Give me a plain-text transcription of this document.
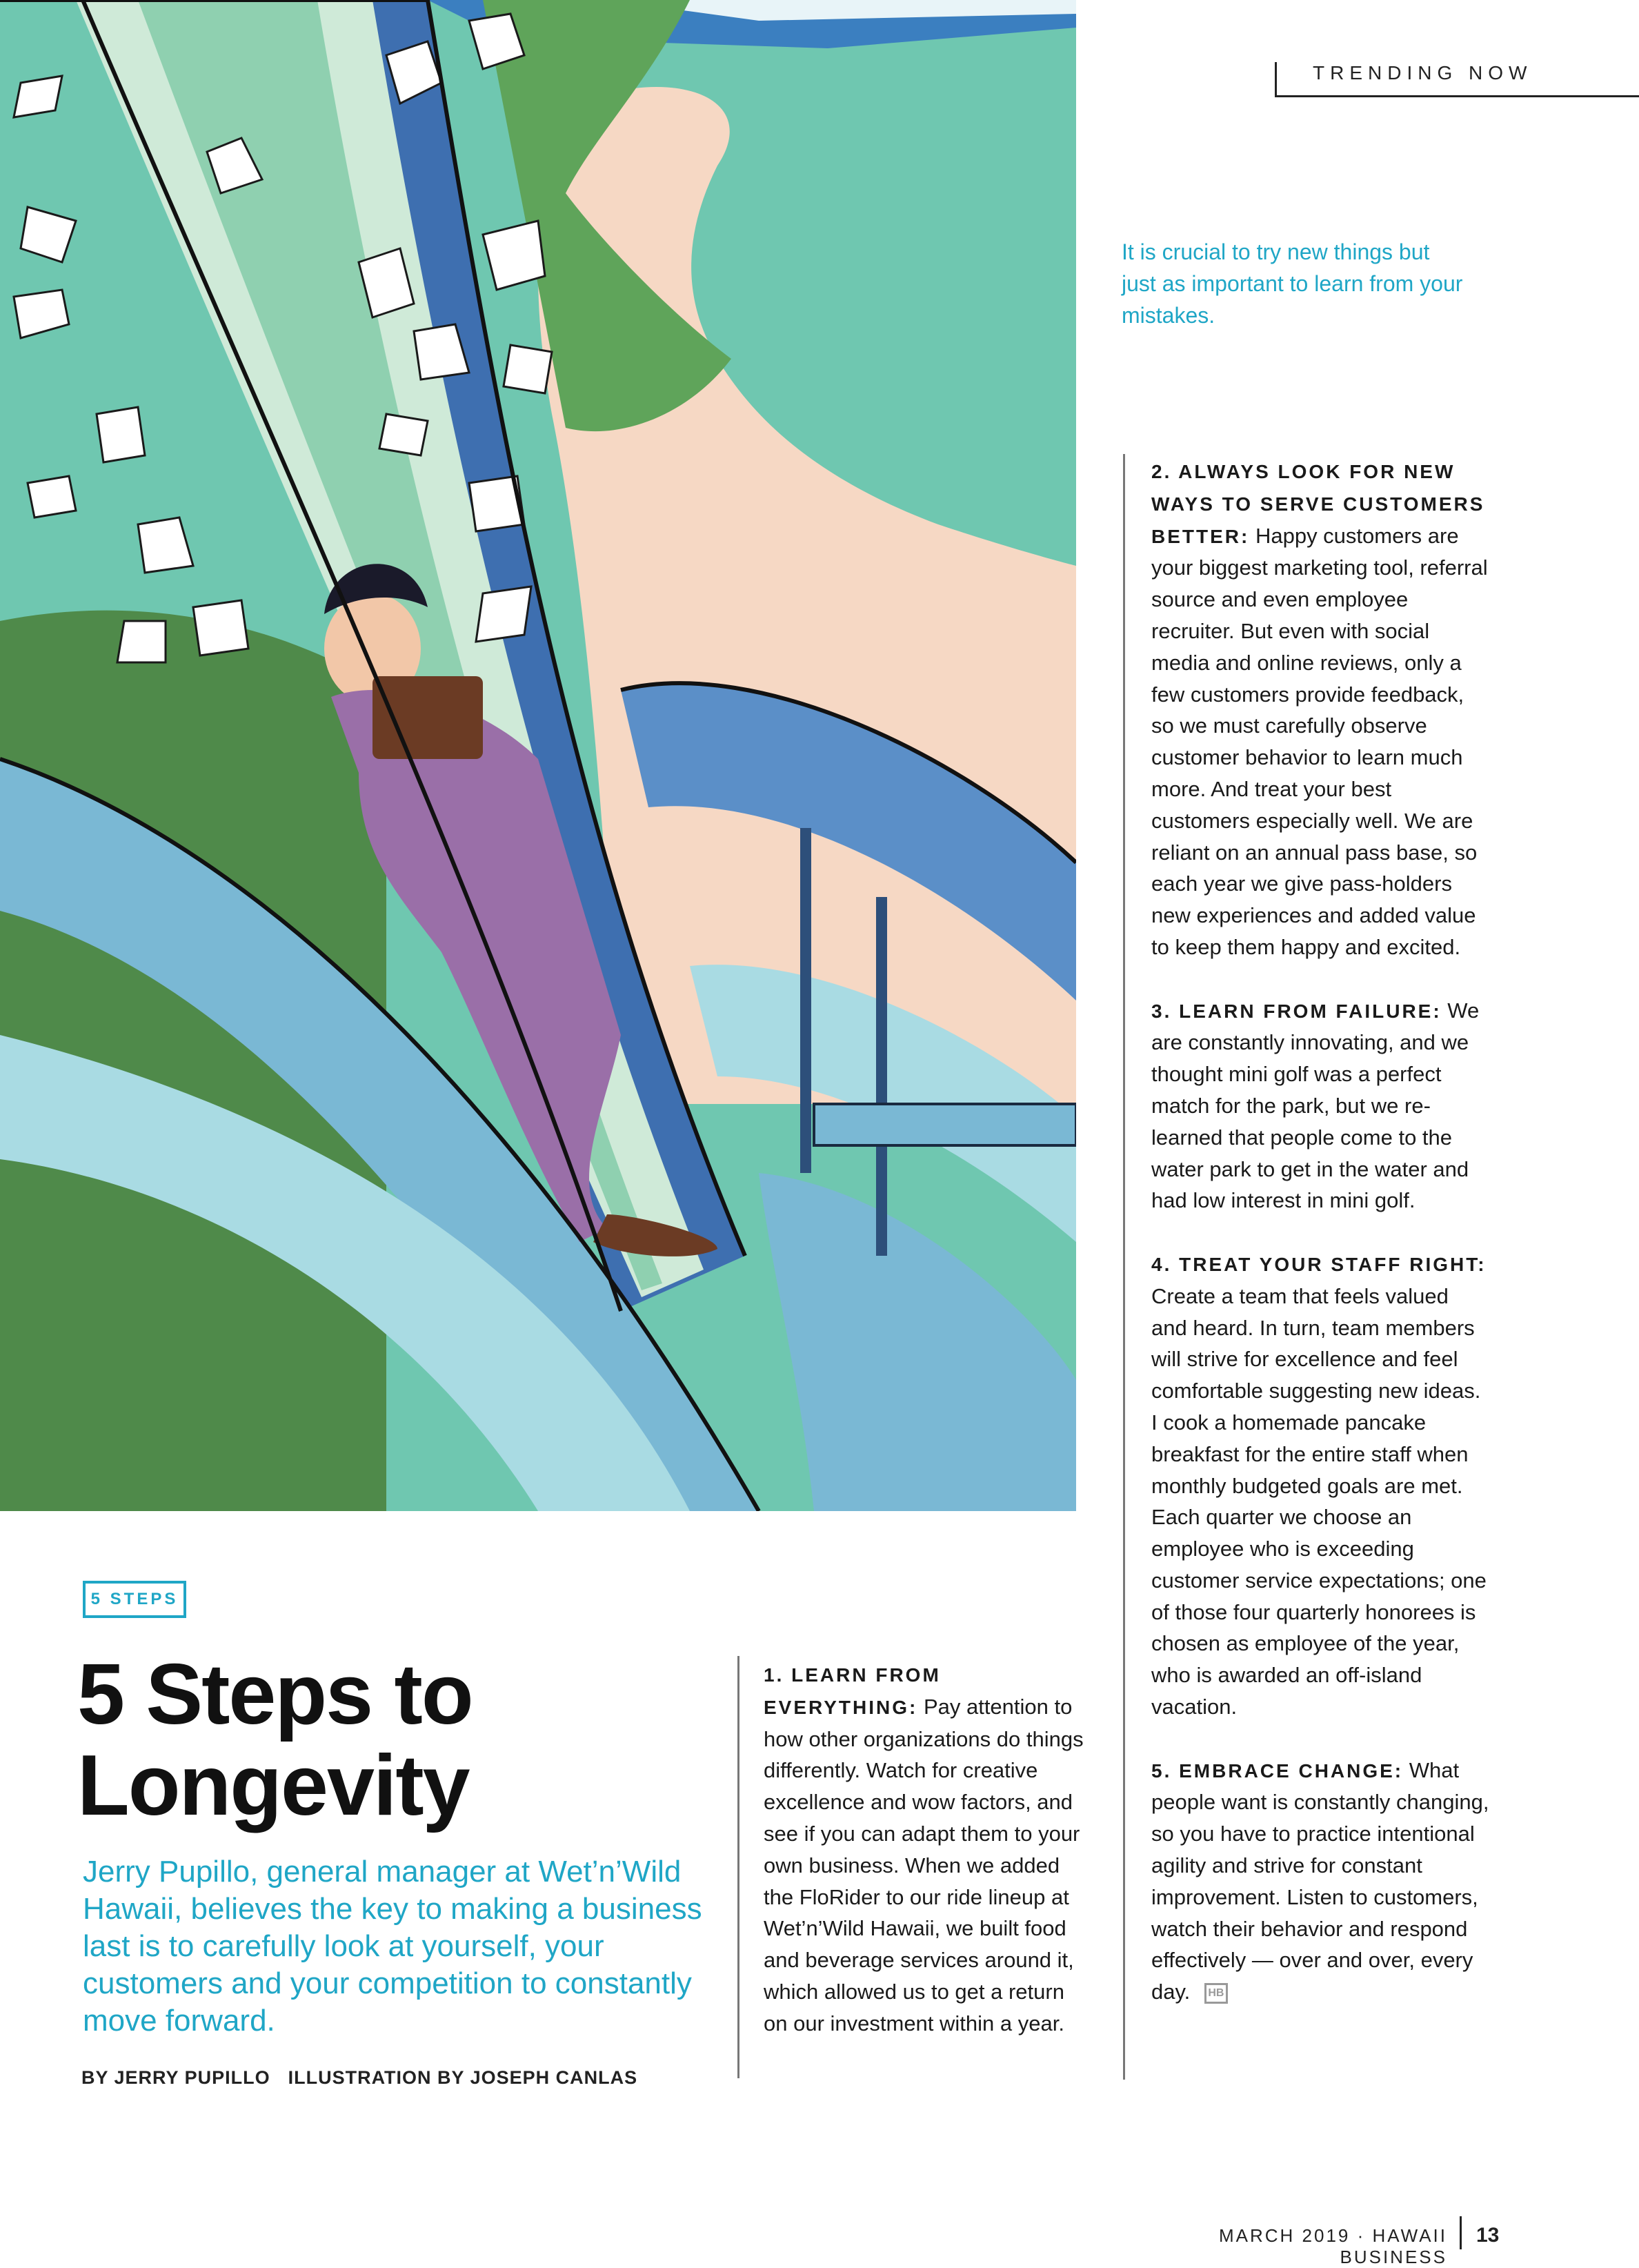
TRENDING NOW
It is crucial to try new things but just as important to learn from your mistakes.
5 STEPS
5 Steps to
Longevity
Jerry Pupillo, general manager at Wet’n’Wild Hawaii, believes the key to making a business last is to carefully look at yourself, your customers and your competition to constantly move forward.
BY JERRY PUPILLO ILLUSTRATION BY JOSEPH CANLAS
1. LEARN FROM EVERYTHING: Pay attention to how other organizations do things differently. Watch for creative excellence and wow factors, and see if you can adapt them to your own business. When we added the FloRider to our ride lineup at Wet’n’Wild Hawaii, we built food and beverage services around it, which allowed us to get a return on our investment within a year.
2. ALWAYS LOOK FOR NEW WAYS TO SERVE CUSTOMERS BETTER: Happy customers are your biggest marketing tool, referral source and even employee recruiter. But even with social media and online reviews, only a few customers provide feedback, so we must carefully observe customer behavior to learn much more. And treat your best customers especially well. We are reliant on an annual pass base, so each year we give pass-holders new experiences and added value to keep them happy and excited.
3. LEARN FROM FAILURE: We are constantly innovating, and we thought mini golf was a perfect match for the park, but we re-learned that people come to the water park to get in the water and had low interest in mini golf.
4. TREAT YOUR STAFF RIGHT: Create a team that feels valued and heard. In turn, team members will strive for excellence and feel comfortable suggesting new ideas. I cook a homemade pancake breakfast for the entire staff when monthly budgeted goals are met. Each quarter we choose an employee who is exceeding customer service expectations; one of those four quarterly honorees is chosen as employee of the year, who is awarded an off-island vacation.
5. EMBRACE CHANGE: What people want is constantly changing, so you have to practice intentional agility and strive for constant improvement. Listen to customers, watch their behavior and respond effectively — over and over, every day. HB
MARCH 2019 · HAWAII BUSINESS
13
